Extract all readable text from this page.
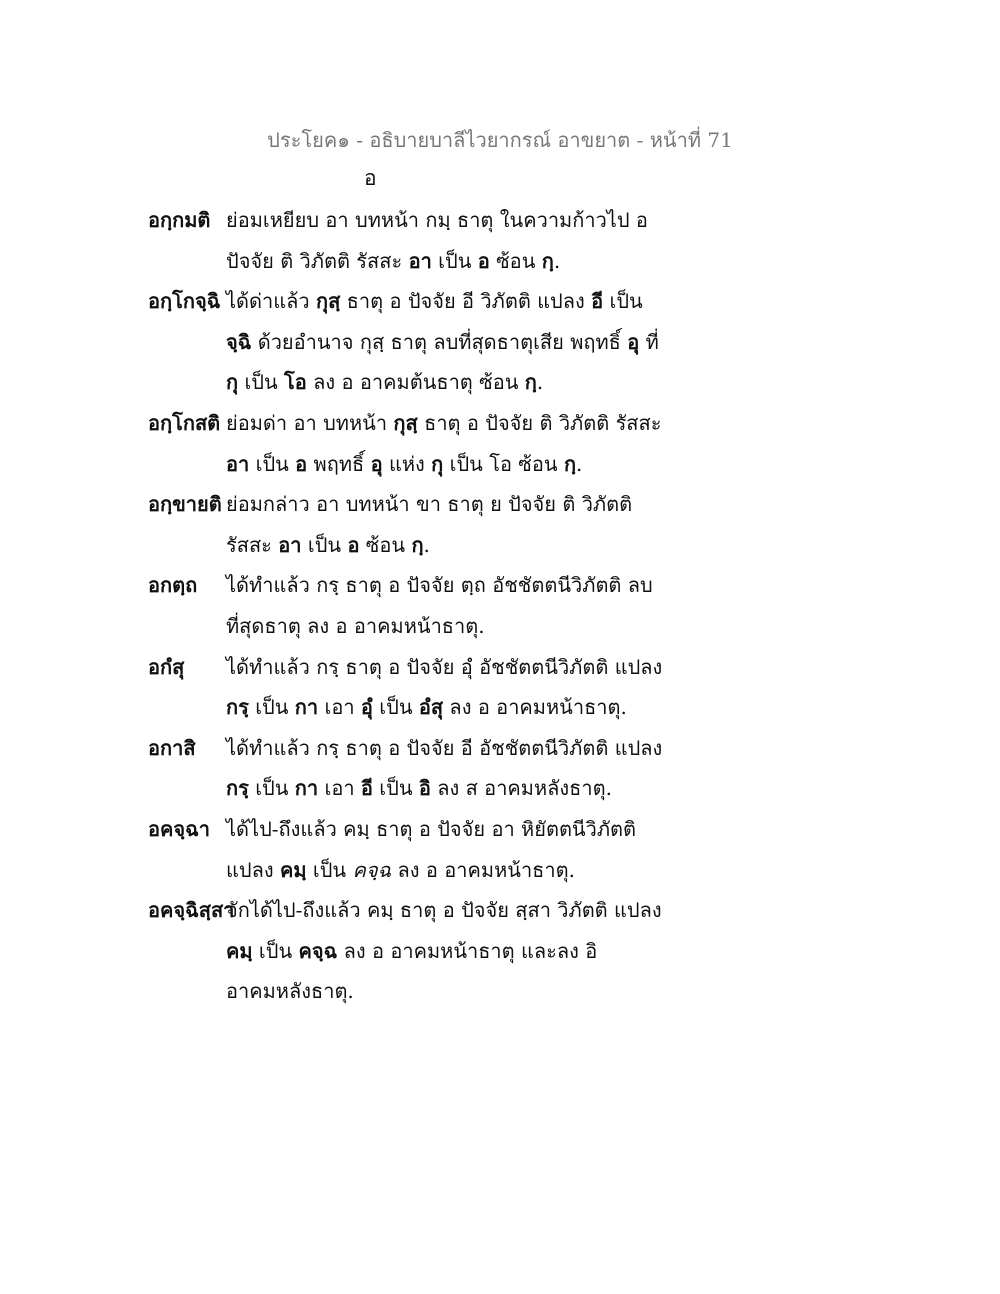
ประโยค๑ - อธิบายบาลีไวยากรณ์ อาขยาต - หน้าที่ 71
อ
อกฺกมติ ย่อมเหยียบ อา บทหน้า กมฺ ธาตุ ในความก้าวไป อ
ปัจจัย ติ วิภัตติ รัสสะ อา เป็น อ ซ้อน กฺ.
อกฺโกจฺฉิ ได้ด่าแล้ว กุสฺ ธาตุ อ ปัจจัย อี วิภัตติ แปลง อี เป็น
จฺฉิ ด้วยอำนาจ กุสฺ ธาตุ ลบที่สุดธาตุเสีย พฤทธิ์ อุ ที่
กุ เป็น โอ ลง อ อาคมต้นธาตุ ซ้อน กฺ.
อกฺโกสติ ย่อมด่า อา บทหน้า กุสฺ ธาตุ อ ปัจจัย ติ วิภัตติ รัสสะ
อา เป็น อ พฤทธิ์ อุ แห่ง กุ เป็น โอ ซ้อน กฺ.
อกฺขายติ ย่อมกล่าว อา บทหน้า ขา ธาตุ ย ปัจจัย ติ วิภัตติ
รัสสะ อา เป็น อ ซ้อน กฺ.
อกตฺถ ได้ทำแล้ว กรฺ ธาตุ อ ปัจจัย ตฺถ อัชชัตตนีวิภัตติ ลบ
ที่สุดธาตุ ลง อ อาคมหน้าธาตุ.
อกํสุ ได้ทำแล้ว กรฺ ธาตุ อ ปัจจัย อุํ อัชชัตตนีวิภัตติ แปลง
กรฺ เป็น กา เอา อุํ เป็น อํสุ ลง อ อาคมหน้าธาตุ.
อกาสิ ได้ทำแล้ว กรฺ ธาตุ อ ปัจจัย อี อัชชัตตนีวิภัตติ แปลง
กรฺ เป็น กา เอา อี เป็น อิ ลง ส อาคมหลังธาตุ.
อคจฺฉา ได้ไป-ถึงแล้ว คมฺ ธาตุ อ ปัจจัย อา หิยัตตนีวิภัตติ
แปลง คมฺ เป็น คจฺฉ ลง อ อาคมหน้าธาตุ.
อคจฺฉิสฺสา
จักได้ไป-ถึงแล้ว คมฺ ธาตุ อ ปัจจัย สฺสา วิภัตติ แปลง
คมฺ เป็น คจฺฉ ลง อ อาคมหน้าธาตุ และลง อิ
อาคมหลังธาตุ.
